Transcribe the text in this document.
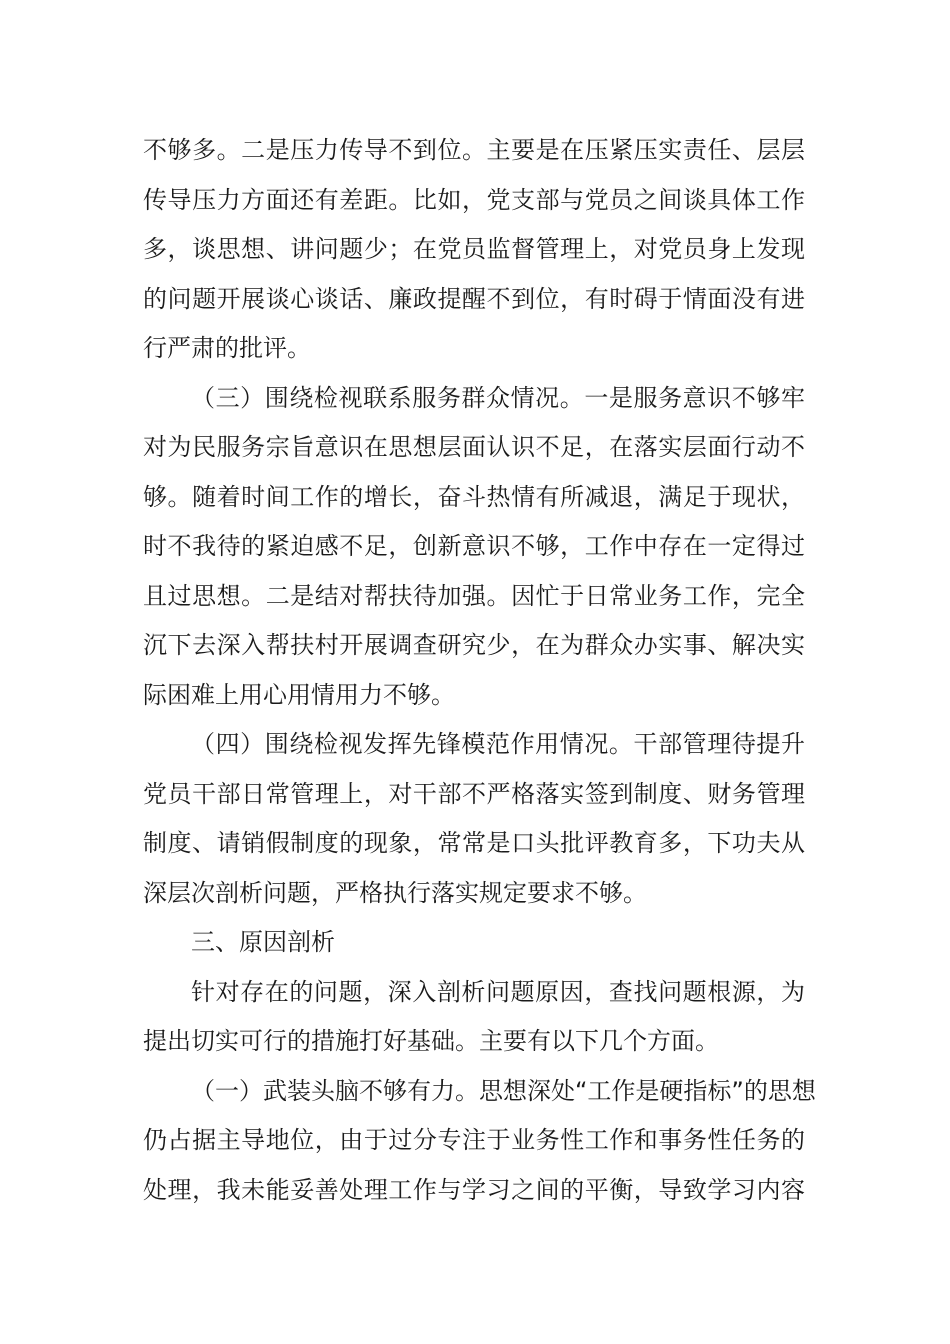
不够多。二是压力传导不到位。主要是在压紧压实责任、层层
传导压力方面还有差距。比如，党支部与党员之间谈具体工作
多，谈思想、讲问题少；在党员监督管理上，对党员身上发现
的问题开展谈心谈话、廉政提醒不到位，有时碍于情面没有进
行严肃的批评。
（三）围绕检视联系服务群众情况。一是服务意识不够牢
对为民服务宗旨意识在思想层面认识不足，在落实层面行动不
够。随着时间工作的增长，奋斗热情有所减退，满足于现状，
时不我待的紧迫感不足，创新意识不够，工作中存在一定得过
且过思想。二是结对帮扶待加强。因忙于日常业务工作，完全
沉下去深入帮扶村开展调查研究少，在为群众办实事、解决实
际困难上用心用情用力不够。
（四）围绕检视发挥先锋模范作用情况。干部管理待提升
党员干部日常管理上，对干部不严格落实签到制度、财务管理
制度、请销假制度的现象，常常是口头批评教育多，下功夫从
深层次剖析问题，严格执行落实规定要求不够。
三、原因剖析
针对存在的问题，深入剖析问题原因，查找问题根源，为
提出切实可行的措施打好基础。主要有以下几个方面。
（一）武装头脑不够有力。思想深处“工作是硬指标”的思想
仍占据主导地位，由于过分专注于业务性工作和事务性任务的
处理，我未能妥善处理工作与学习之间的平衡，导致学习内容
